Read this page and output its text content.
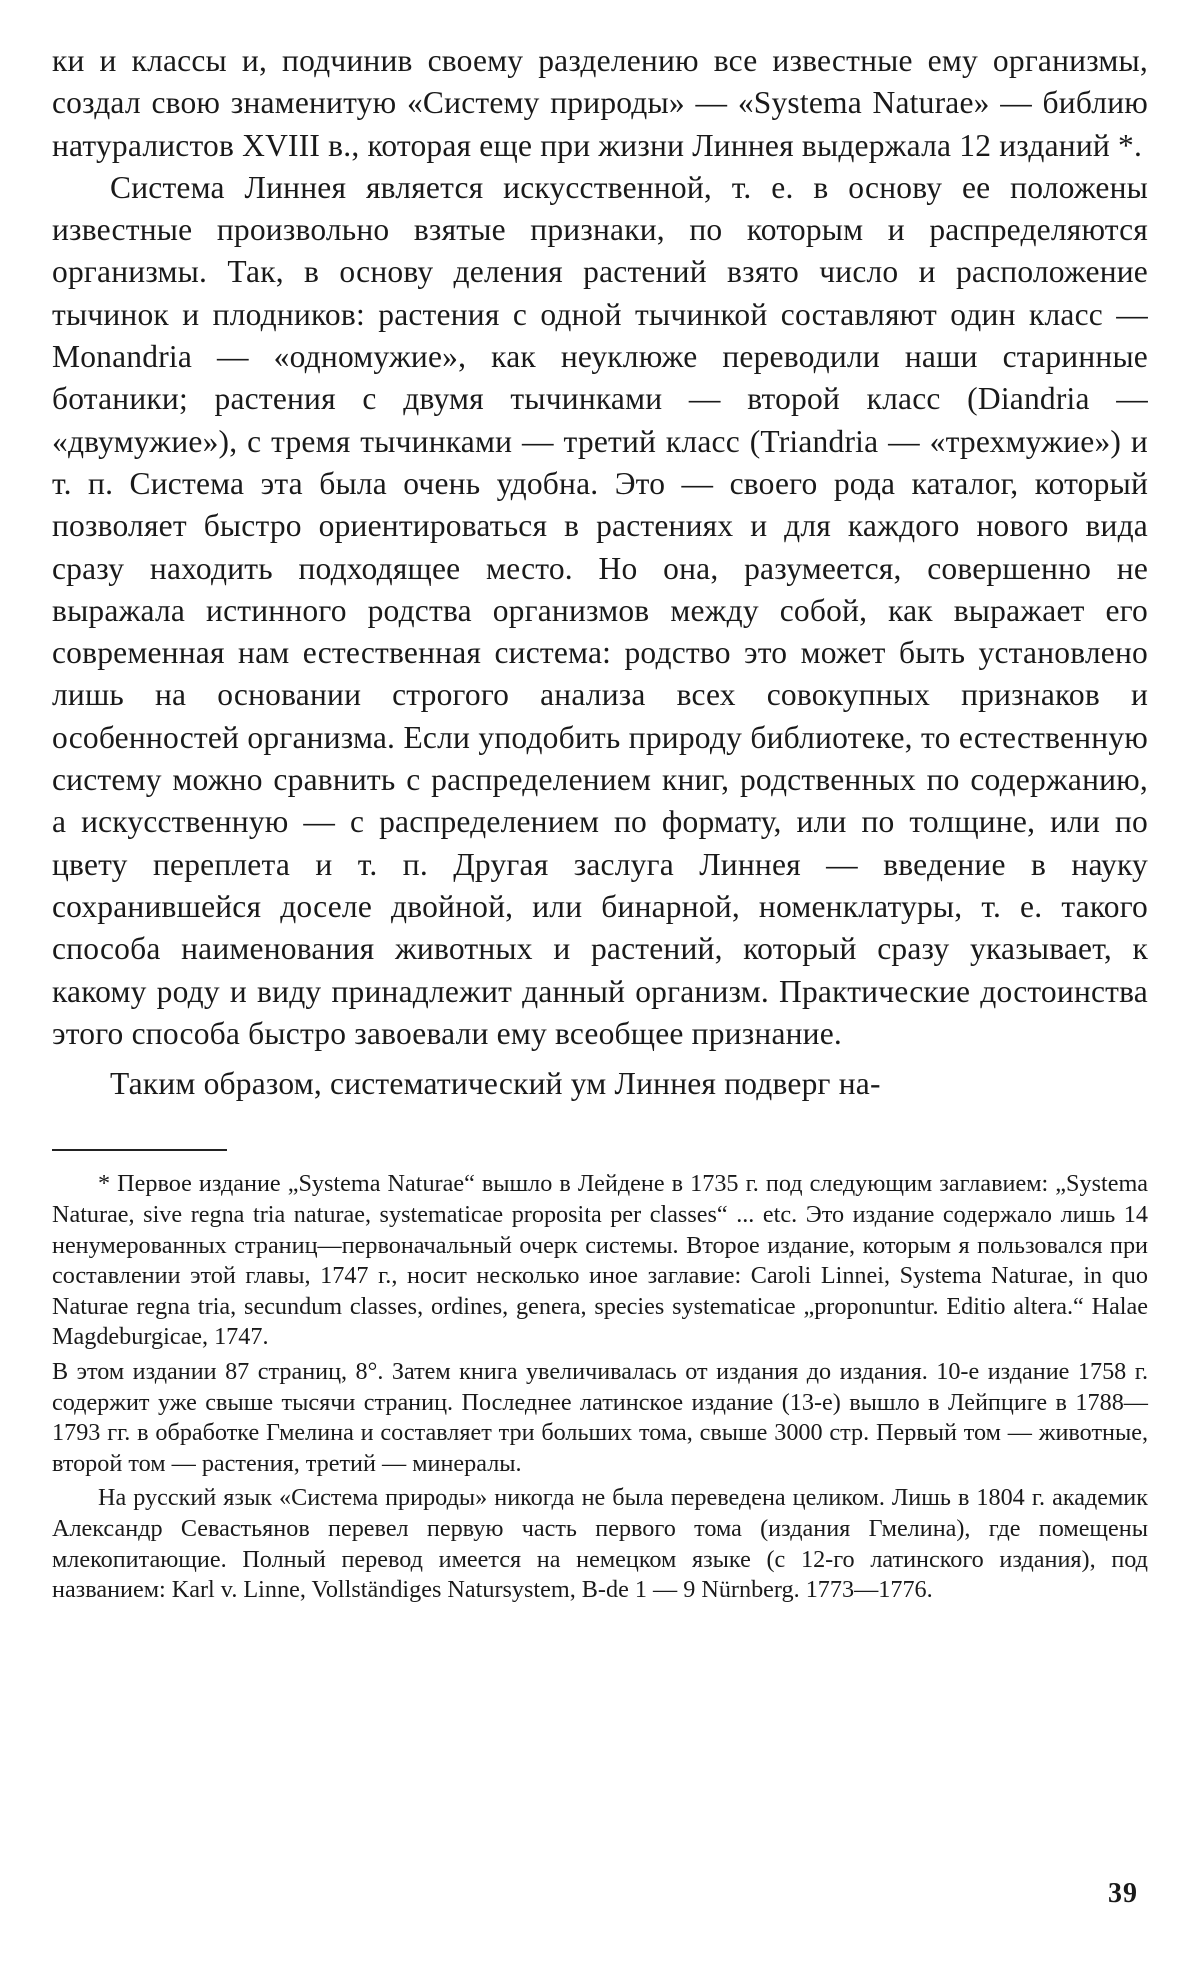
ки и классы и, подчинив своему разделению все известные ему организмы, создал свою знаменитую «Систему природы» — «Systema Naturae» — библию натуралистов XVIII в., которая еще при жизни Линнея выдержала 12 изданий *.

Система Линнея является искусственной, т. е. в основу ее положены известные произвольно взятые признаки, по которым и распределяются организмы. Так, в основу деления растений взято число и расположение тычинок и плодников: растения с одной тычинкой составляют один класс — Monandria — «одномужие», как неуклюже переводили наши старинные ботаники; растения с двумя тычинками — второй класс (Diandria — «двумужие»), с тремя тычинками — третий класс (Triandria — «трехмужие») и т. п. Система эта была очень удобна. Это — своего рода каталог, который позволяет быстро ориентироваться в растениях и для каждого нового вида сразу находить подходящее место. Но она, разумеется, совершенно не выражала истинного родства организмов между собой, как выражает его современная нам естественная система: родство это может быть установлено лишь на основании строгого анализа всех совокупных признаков и особенностей организма. Если уподобить природу библиотеке, то естественную систему можно сравнить с распределением книг, родственных по содержанию, а искусственную — с распределением по формату, или по толщине, или по цвету переплета и т. п. Другая заслуга Линнея — введение в науку сохранившейся доселе двойной, или бинарной, номенклатуры, т. е. такого способа наименования животных и растений, который сразу указывает, к какому роду и виду принадлежит данный организм. Практические достоинства этого способа быстро завоевали ему всеобщее признание.

Таким образом, систематический ум Линнея подверг на-

* Первое издание „Systema Naturae“ вышло в Лейдене в 1735 г. под следующим заглавием: „Systema Naturae, sive regna tria naturae, systematicae proposita per classes“ ... etc. Это издание содержало лишь 14 ненумерованных страниц—первоначальный очерк системы. Второе издание, которым я пользовался при составлении этой главы, 1747 г., носит несколько иное заглавие: Caroli Linnei, Systema Naturae, in quo Naturae regna tria, secundum classes, ordines, genera, species systematicae „proponuntur. Editio altera.“ Halae Magdeburgicae, 1747.

В этом издании 87 страниц, 8°. Затем книга увеличивалась от издания до издания. 10-е издание 1758 г. содержит уже свыше тысячи страниц. Последнее латинское издание (13-е) вышло в Лейпциге в 1788—1793 гг. в обработке Гмелина и составляет три больших тома, свыше 3000 стр. Первый том — животные, второй том — растения, третий — минералы.

На русский язык «Система природы» никогда не была переведена целиком. Лишь в 1804 г. академик Александр Севастьянов перевел первую часть первого тома (издания Гмелина), где помещены млекопитающие. Полный перевод имеется на немецком языке (с 12-го латинского издания), под названием: Karl v. Linne, Vollständiges Natursystem, B-de 1 — 9 Nürnberg. 1773—1776.

39
